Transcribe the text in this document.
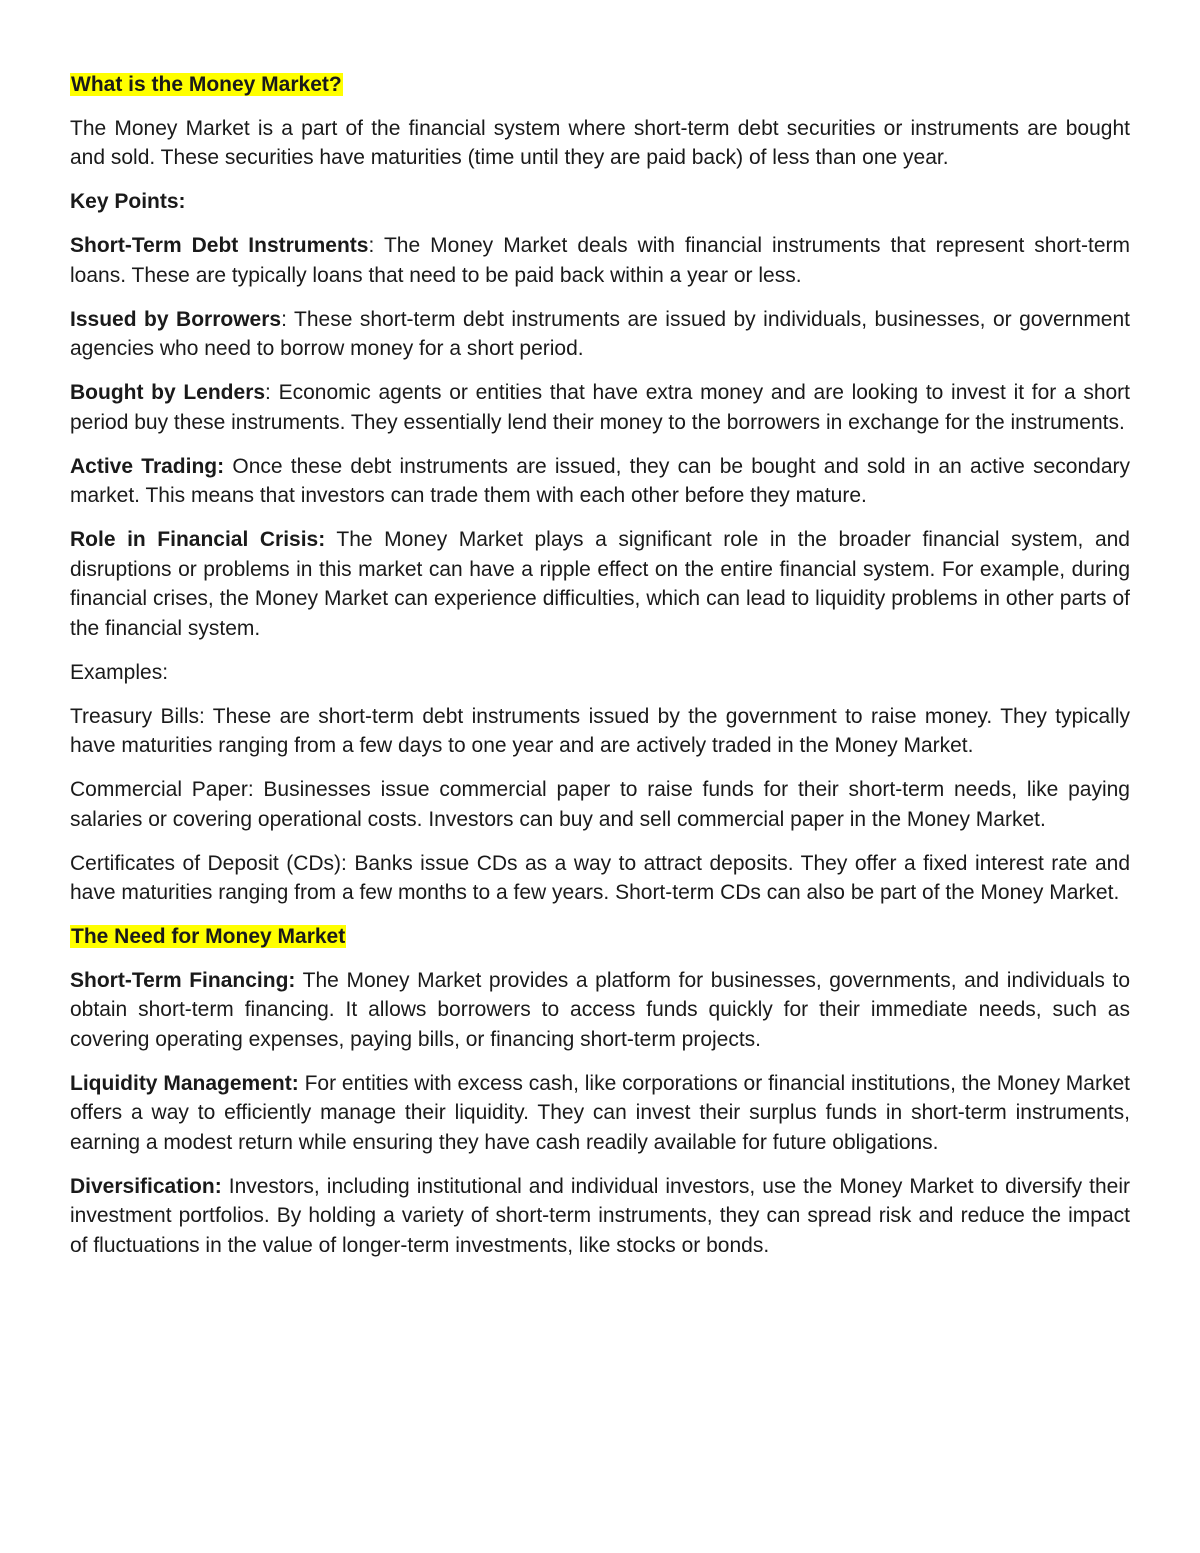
What is the Money Market?
The Money Market is a part of the financial system where short-term debt securities or instruments are bought and sold. These securities have maturities (time until they are paid back) of less than one year.
Key Points:
Short-Term Debt Instruments: The Money Market deals with financial instruments that represent short-term loans. These are typically loans that need to be paid back within a year or less.
Issued by Borrowers: These short-term debt instruments are issued by individuals, businesses, or government agencies who need to borrow money for a short period.
Bought by Lenders: Economic agents or entities that have extra money and are looking to invest it for a short period buy these instruments. They essentially lend their money to the borrowers in exchange for the instruments.
Active Trading: Once these debt instruments are issued, they can be bought and sold in an active secondary market. This means that investors can trade them with each other before they mature.
Role in Financial Crisis: The Money Market plays a significant role in the broader financial system, and disruptions or problems in this market can have a ripple effect on the entire financial system. For example, during financial crises, the Money Market can experience difficulties, which can lead to liquidity problems in other parts of the financial system.
Examples:
Treasury Bills: These are short-term debt instruments issued by the government to raise money. They typically have maturities ranging from a few days to one year and are actively traded in the Money Market.
Commercial Paper: Businesses issue commercial paper to raise funds for their short-term needs, like paying salaries or covering operational costs. Investors can buy and sell commercial paper in the Money Market.
Certificates of Deposit (CDs): Banks issue CDs as a way to attract deposits. They offer a fixed interest rate and have maturities ranging from a few months to a few years. Short-term CDs can also be part of the Money Market.
The Need for Money Market
Short-Term Financing: The Money Market provides a platform for businesses, governments, and individuals to obtain short-term financing. It allows borrowers to access funds quickly for their immediate needs, such as covering operating expenses, paying bills, or financing short-term projects.
Liquidity Management: For entities with excess cash, like corporations or financial institutions, the Money Market offers a way to efficiently manage their liquidity. They can invest their surplus funds in short-term instruments, earning a modest return while ensuring they have cash readily available for future obligations.
Diversification: Investors, including institutional and individual investors, use the Money Market to diversify their investment portfolios. By holding a variety of short-term instruments, they can spread risk and reduce the impact of fluctuations in the value of longer-term investments, like stocks or bonds.
